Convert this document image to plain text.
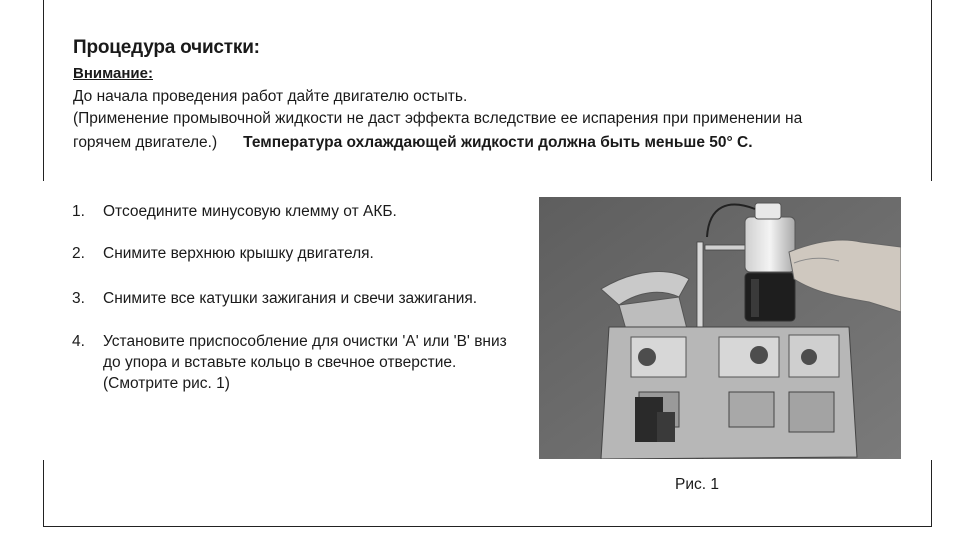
Процедура очистки:
Внимание:
До начала проведения работ дайте двигателю остыть.
(Применение промывочной жидкости не даст эффекта вследствие ее испарения при применении на
горячем двигателе.) Температура охлаждающей жидкости должна быть меньше 50° С.
1.	Отсоедините минусовую клемму от АКБ.
2.	Снимите верхнюю крышку двигателя.
3.	Снимите все катушки зажигания и свечи зажигания.
4.	Установите приспособление для очистки 'А' или 'В' вниз до упора и вставьте кольцо в свечное отверстие. (Смотрите рис. 1)
Рис. 1
